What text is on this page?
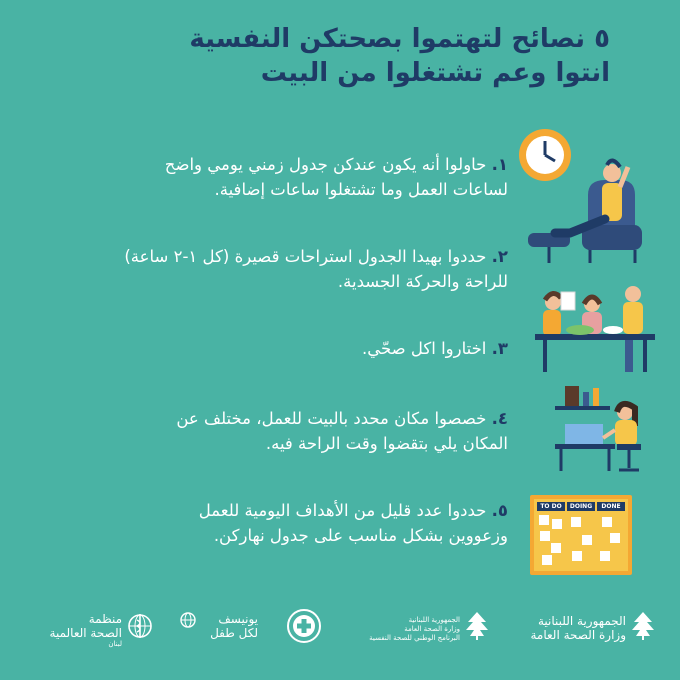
٥ نصائح لتهتموا بصحتكن النفسية
انتوا وعم تشتغلوا من البيت
١. حاولوا أنه يكون عندكن جدول زمني يومي واضح
لساعات العمل وما تشتغلوا ساعات إضافية.
٢. حددوا بهيدا الجدول استراحات قصيرة (كل ١-٢ ساعة)
للراحة والحركة الجسدية.
٣. اختاروا اكل صحّي.
٤. خصصوا مكان محدد بالبيت للعمل، مختلف عن
المكان يلي بتقضوا وقت الراحة فيه.
٥. حددوا عدد قليل من الأهداف اليومية للعمل
وزعووين بشكل مناسب على جدول نهاركن.
TO DO	DOING	DONE
الجمهورية اللبنانية
وزارة الصحة العامة
الجمهورية اللبنانية
وزارة الصحة العامة
البرنامج الوطني للصحة النفسية
يونيسف
لكل طفل
منظمة
الصحة العالمية
لبنان
